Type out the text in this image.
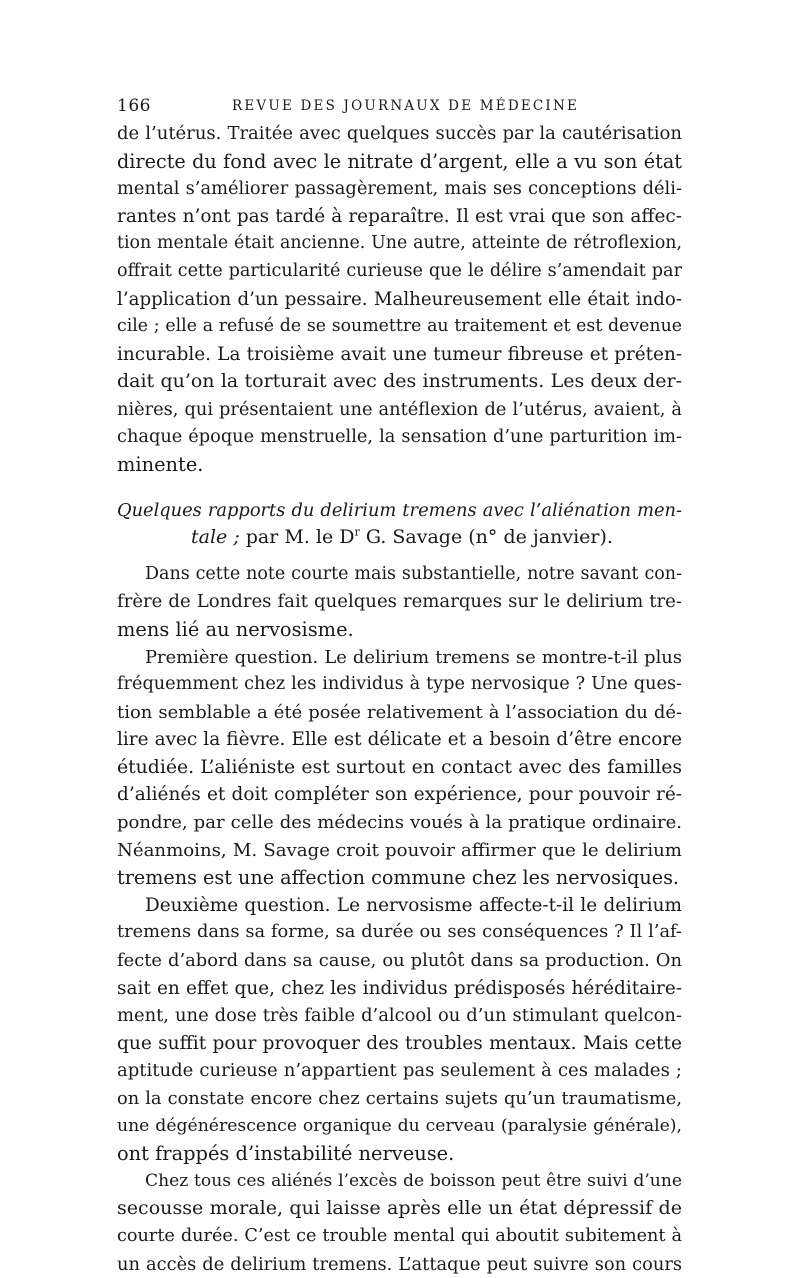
166	REVUE DES JOURNAUX DE MÉDECINE

de l’utérus. Traitée avec quelques succès par la cautérisation
directe du fond avec le nitrate d’argent, elle a vu son état
mental s’améliorer passagèrement, mais ses conceptions déli-
rantes n’ont pas tardé à reparaître. Il est vrai que son affec-
tion mentale était ancienne. Une autre, atteinte de rétroflexion,
offrait cette particularité curieuse que le délire s’amendait par
l’application d’un pessaire. Malheureusement elle était indo-
cile ; elle a refusé de se soumettre au traitement et est devenue
incurable. La troisième avait une tumeur fibreuse et préten-
dait qu’on la torturait avec des instruments. Les deux der-
nières, qui présentaient une antéflexion de l’utérus, avaient, à
chaque époque menstruelle, la sensation d’une parturition im-
minente.

Quelques rapports du delirium tremens avec l’aliénation men-
tale ; par M. le $D^r$ G. Savage (n° de janvier).

Dans cette note courte mais substantielle, notre savant con-
frère de Londres fait quelques remarques sur le delirium tre-
mens lié au nervosisme.

Première question. Le delirium tremens se montre-t-il plus
fréquemment chez les individus à type nervosique ? Une ques-
tion semblable a été posée relativement à l’association du dé-
lire avec la fièvre. Elle est délicate et a besoin d’être encore
étudiée. L’aliéniste est surtout en contact avec des familles
d’aliénés et doit compléter son expérience, pour pouvoir ré-
pondre, par celle des médecins voués à la pratique ordinaire.
Néanmoins, M. Savage croit pouvoir affirmer que le delirium
tremens est une affection commune chez les nervosiques.

Deuxième question. Le nervosisme affecte-t-il le delirium
tremens dans sa forme, sa durée ou ses conséquences ? Il l’af-
fecte d’abord dans sa cause, ou plutôt dans sa production. On
sait en effet que, chez les individus prédisposés héréditaire-
ment, une dose très faible d’alcool ou d’un stimulant quelcon-
que suffit pour provoquer des troubles mentaux. Mais cette
aptitude curieuse n’appartient pas seulement à ces malades ;
on la constate encore chez certains sujets qu’un traumatisme,
une dégénérescence organique du cerveau (paralysie générale),
ont frappés d’instabilité nerveuse.

Chez tous ces aliénés l’excès de boisson peut être suivi d’une
secousse morale, qui laisse après elle un état dépressif de
courte durée. C’est ce trouble mental qui aboutit subitement à
un accès de delirium tremens. L’attaque peut suivre son cours
